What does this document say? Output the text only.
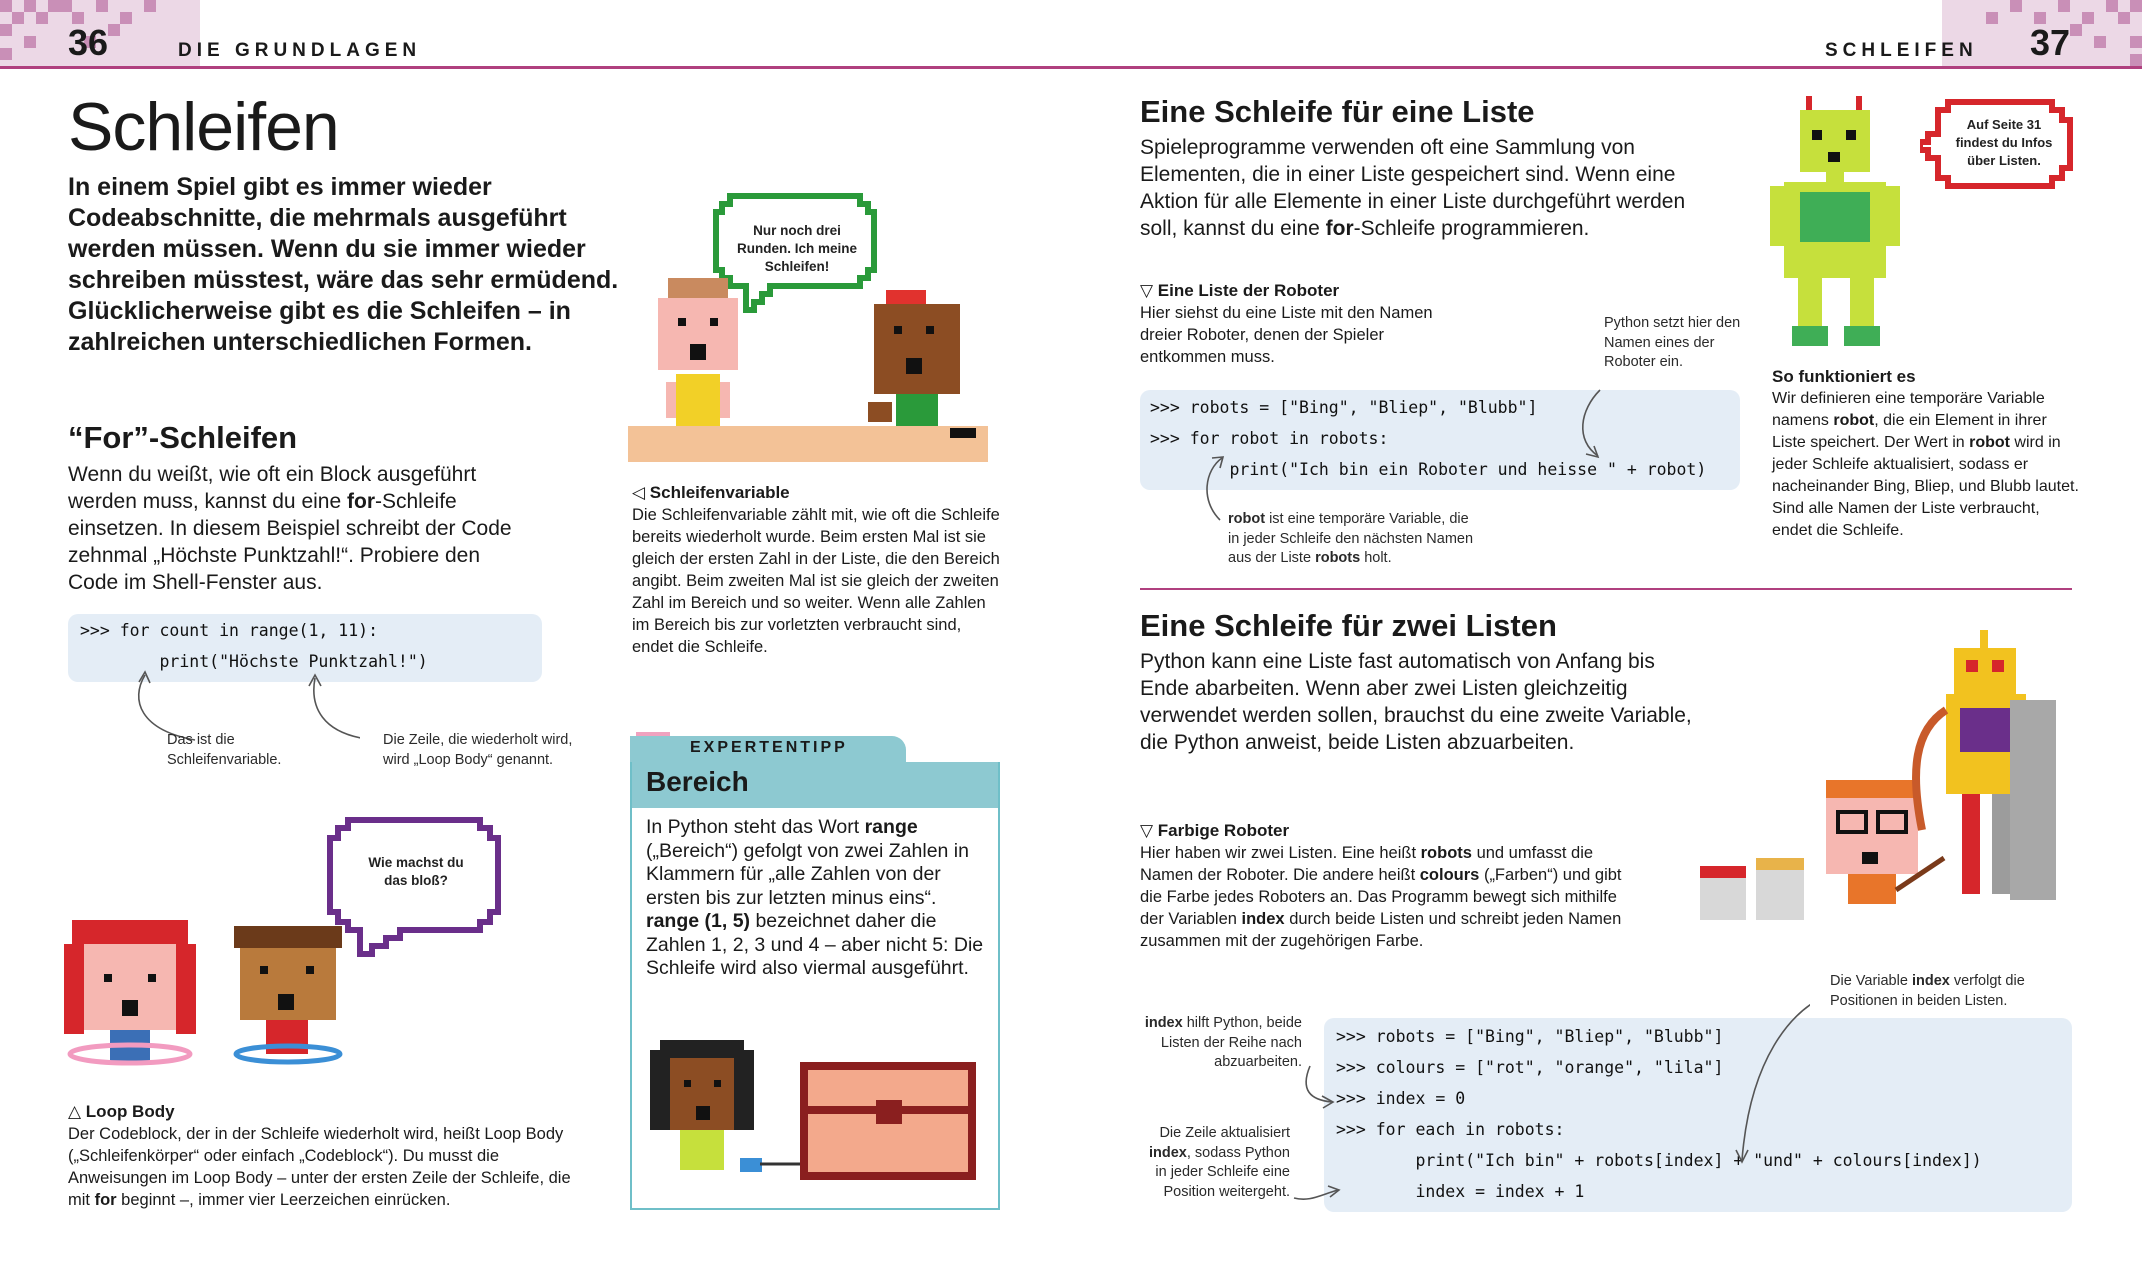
36	DIE GRUNDLAGEN	SCHLEIFEN 37
Schleifen

In einem Spiel gibt es immer wieder Codeabschnitte, die mehrmals ausgeführt werden müssen. Wenn du sie immer wieder schreiben müsstest, wäre das sehr ermüdend. Glücklicherweise gibt es die Schleifen – in zahlreichen unterschiedlichen Formen.

“For”-Schleifen

Wenn du weißt, wie oft ein Block ausgeführt werden muss, kannst du eine for-Schleife einsetzen. In diesem Beispiel schreibt der Code zehnmal „Höchste Punktzahl!“. Probiere den Code im Shell-Fenster aus.

>>> for count in range(1, 11):
print("Höchste Punktzahl!")

Das ist die Schleifenvariable.

Die Zeile, die wiederholt wird, wird „Loop Body“ genannt.

Nur noch drei Runden. Ich meine Schleifen!

◁ Schleifenvariable
Die Schleifenvariable zählt mit, wie oft die Schleife bereits wiederholt wurde. Beim ersten Mal ist sie gleich der ersten Zahl in der Liste, die den Bereich angibt. Beim zweiten Mal ist sie gleich der zweiten Zahl im Bereich und so weiter. Wenn alle Zahlen im Bereich bis zur vorletzten verbraucht sind, endet die Schleife.

Wie machst du das bloß?

△ Loop Body
Der Codeblock, der in der Schleife wiederholt wird, heißt Loop Body („Schleifenkörper“ oder einfach „Codeblock“). Du musst die Anweisungen im Loop Body – unter der ersten Zeile der Schleife, die mit for beginnt –, immer vier Leerzeichen einrücken.

EXPERTENTIPP
Bereich

In Python steht das Wort range („Bereich“) gefolgt von zwei Zahlen in Klammern für „alle Zahlen von der ersten bis zur letzten minus eins“. range (1, 5) bezeichnet daher die Zahlen 1, 2, 3 und 4 – aber nicht 5: Die Schleife wird also viermal ausgeführt.

Eine Schleife für eine Liste

Spieleprogramme verwenden oft eine Sammlung von Elementen, die in einer Liste gespeichert sind. Wenn eine Aktion für alle Elemente in einer Liste durchgeführt werden soll, kannst du eine for-Schleife programmieren.

▽ Eine Liste der Roboter
Hier siehst du eine Liste mit den Namen dreier Roboter, denen der Spieler entkommen muss.

Python setzt hier den Namen eines der Roboter ein.

>>> robots = ["Bing", "Bliep", "Blubb"]
>>> for robot in robots:
print("Ich bin ein Roboter und heisse " + robot)

robot ist eine temporäre Variable, die in jeder Schleife den nächsten Namen aus der Liste robots holt.

Auf Seite 31 findest du Infos über Listen.

So funktioniert es
Wir definieren eine temporäre Variable namens robot, die ein Element in ihrer Liste speichert. Der Wert in robot wird in jeder Schleife aktualisiert, sodass er nacheinander Bing, Bliep, und Blubb lautet. Sind alle Namen der Liste verbraucht, endet die Schleife.

Eine Schleife für zwei Listen

Python kann eine Liste fast automatisch von Anfang bis Ende abarbeiten. Wenn aber zwei Listen gleichzeitig verwendet werden sollen, brauchst du eine zweite Variable, die Python anweist, beide Listen abzuarbeiten.

▽ Farbige Roboter
Hier haben wir zwei Listen. Eine heißt robots und umfasst die Namen der Roboter. Die andere heißt colours („Farben“) und gibt die Farbe jedes Roboters an. Das Programm bewegt sich mithilfe der Variablen index durch beide Listen und schreibt jeden Namen zusammen mit der zugehörigen Farbe.

Die Variable index verfolgt die Positionen in beiden Listen.

index hilft Python, beide Listen der Reihe nach abzuarbeiten.

Die Zeile aktualisiert index, sodass Python in jeder Schleife eine Position weitergeht.

>>> robots = ["Bing", "Bliep", "Blubb"]
>>> colours = ["rot", "orange", "lila"]
>>> index = 0
>>> for each in robots:
print("Ich bin" + robots[index] + "und" + colours[index])
index = index + 1
